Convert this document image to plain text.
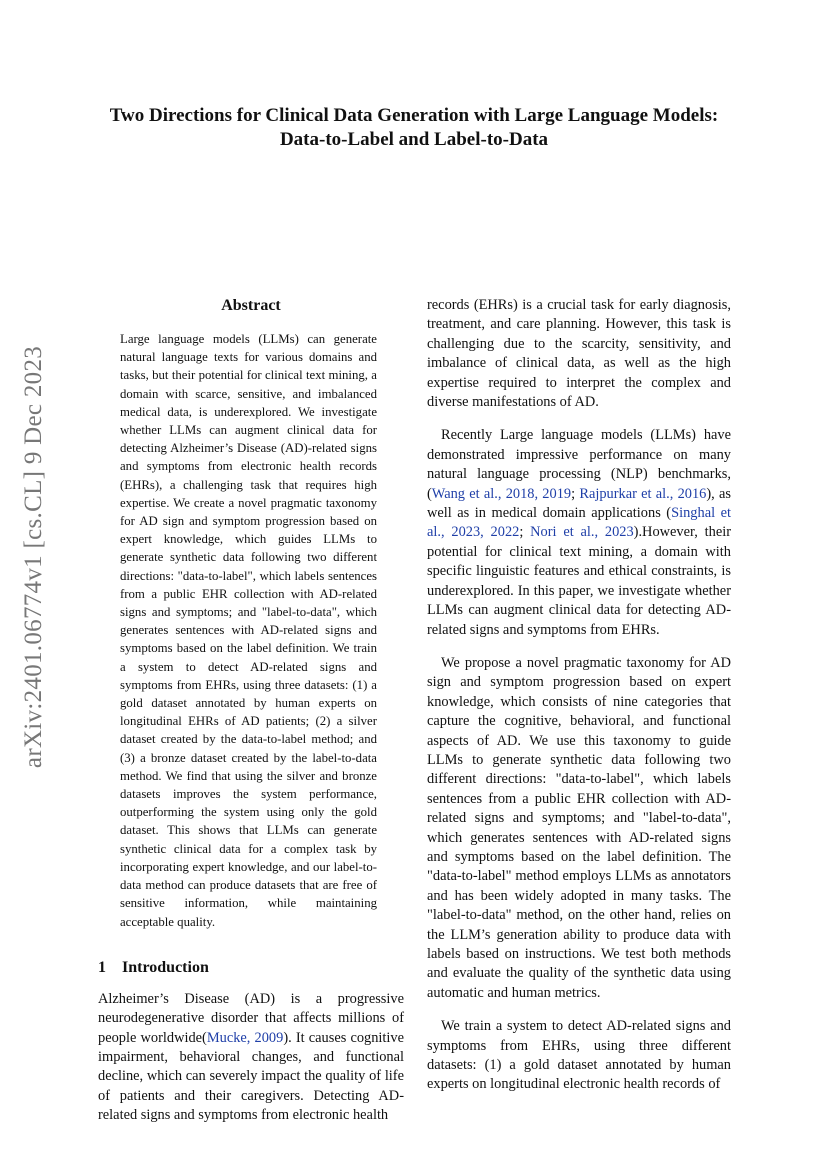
Two Directions for Clinical Data Generation with Large Language Models:
Data-to-Label and Label-to-Data
arXiv:2401.06774v1 [cs.CL] 9 Dec 2023
Abstract

Large language models (LLMs) can generate natural language texts for various domains and tasks, but their potential for clinical text mining, a domain with scarce, sensitive, and imbalanced medical data, is underexplored. We investigate whether LLMs can augment clinical data for detecting Alzheimer’s Disease (AD)-related signs and symptoms from electronic health records (EHRs), a challenging task that requires high expertise. We create a novel pragmatic taxonomy for AD sign and symptom progression based on expert knowledge, which guides LLMs to generate synthetic data following two different directions: "data-to-label", which labels sentences from a public EHR collection with AD-related signs and symptoms; and "label-to-data", which generates sentences with AD-related signs and symptoms based on the label definition. We train a system to detect AD-related signs and symptoms from EHRs, using three datasets: (1) a gold dataset annotated by human experts on longitudinal EHRs of AD patients; (2) a silver dataset created by the data-to-label method; and (3) a bronze dataset created by the label-to-data method. We find that using the silver and bronze datasets improves the system performance, outperforming the system using only the gold dataset. This shows that LLMs can generate synthetic clinical data for a complex task by incorporating expert knowledge, and our label-to-data method can produce datasets that are free of sensitive information, while maintaining acceptable quality.

1 Introduction

Alzheimer’s Disease (AD) is a progressive neurodegenerative disorder that affects millions of people worldwide(Mucke, 2009). It causes cognitive impairment, behavioral changes, and functional decline, which can severely impact the quality of life of patients and their caregivers. Detecting AD-related signs and symptoms from electronic health

records (EHRs) is a crucial task for early diagnosis, treatment, and care planning. However, this task is challenging due to the scarcity, sensitivity, and imbalance of clinical data, as well as the high expertise required to interpret the complex and diverse manifestations of AD.

Recently Large language models (LLMs) have demonstrated impressive performance on many natural language processing (NLP) benchmarks,(Wang et al., 2018, 2019; Rajpurkar et al., 2016), as well as in medical domain applications (Singhal et al., 2023, 2022; Nori et al., 2023).However, their potential for clinical text mining, a domain with specific linguistic features and ethical constraints, is underexplored. In this paper, we investigate whether LLMs can augment clinical data for detecting AD-related signs and symptoms from EHRs.

We propose a novel pragmatic taxonomy for AD sign and symptom progression based on expert knowledge, which consists of nine categories that capture the cognitive, behavioral, and functional aspects of AD. We use this taxonomy to guide LLMs to generate synthetic data following two different directions: "data-to-label", which labels sentences from a public EHR collection with AD-related signs and symptoms; and "label-to-data", which generates sentences with AD-related signs and symptoms based on the label definition. The "data-to-label" method employs LLMs as annotators and has been widely adopted in many tasks. The "label-to-data" method, on the other hand, relies on the LLM’s generation ability to produce data with labels based on instructions. We test both methods and evaluate the quality of the synthetic data using automatic and human metrics.

We train a system to detect AD-related signs and symptoms from EHRs, using three different datasets: (1) a gold dataset annotated by human experts on longitudinal electronic health records of
